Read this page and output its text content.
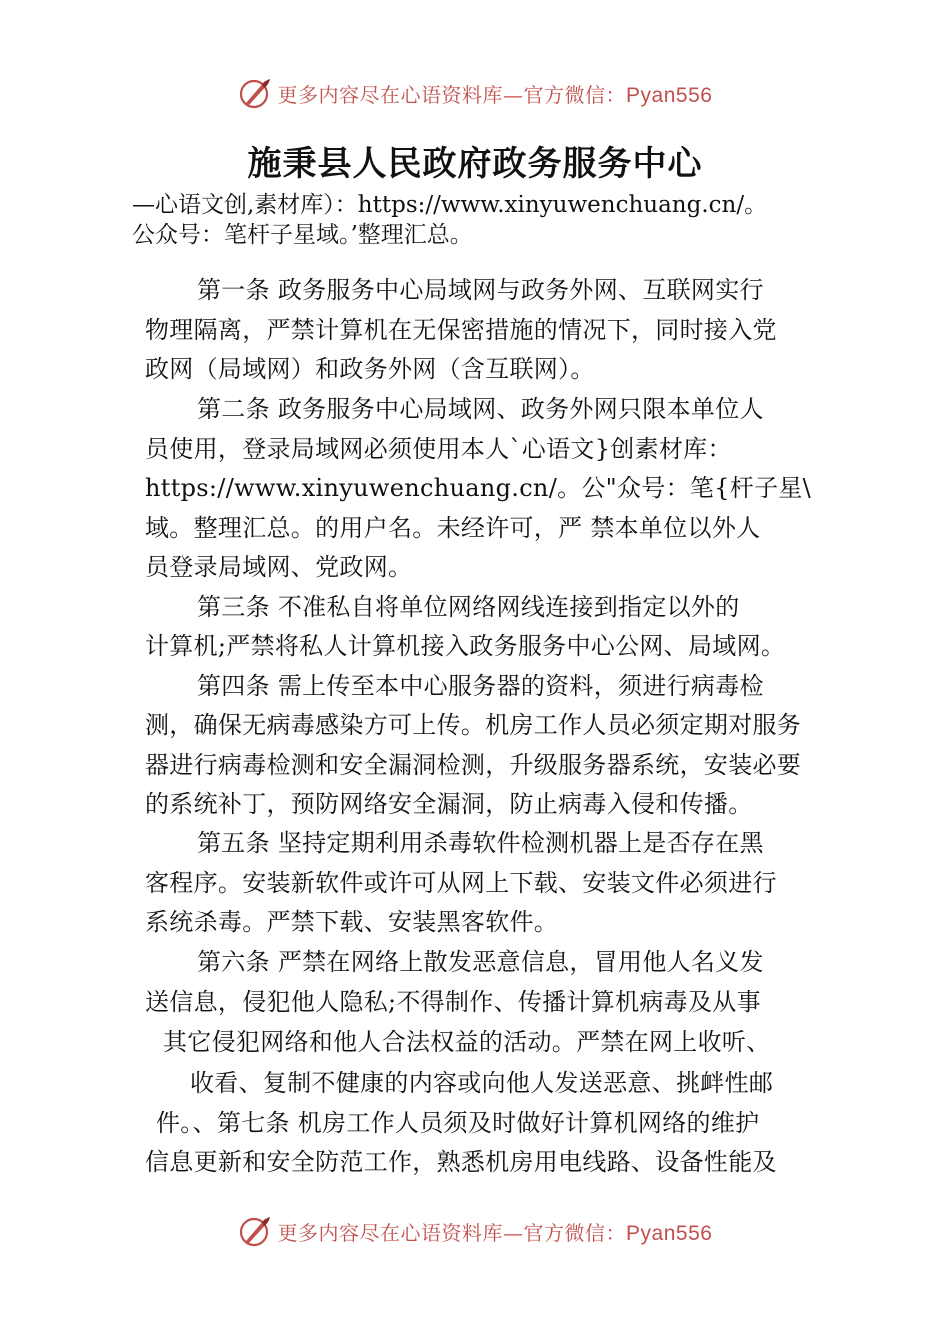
更多内容尽在心语资料库—官方微信：Pyan556
施秉县人民政府政务服务中心
—心语文创,素材库）：https://www.xinyuwenchuang.cn/。
公众号：笔杆子星域。’整理汇总。
第一条 政务服务中心局域网与政务外网、互联网实行
物理隔离，严禁计算机在无保密措施的情况下，同时接入党
政网（局域网）和政务外网（含互联网）。
第二条 政务服务中心局域网、政务外网只限本单位人
员使用，登录局域网必须使用本人`心语文}创素材库：
https://www.xinyuwenchuang.cn/。公"众号：笔{杆子星\
域。整理汇总。的用户名。未经许可，严 禁本单位以外人
员登录局域网、党政网。
第三条 不准私自将单位网络网线连接到指定以外的
计算机;严禁将私人计算机接入政务服务中心公网、局域网。
第四条 需上传至本中心服务器的资料，须进行病毒检
测，确保无病毒感染方可上传。机房工作人员必须定期对服务
器进行病毒检测和安全漏洞检测，升级服务器系统，安装必要
的系统补丁，预防网络安全漏洞，防止病毒入侵和传播。
第五条 坚持定期利用杀毒软件检测机器上是否存在黑
客程序。安装新软件或许可从网上下载、安装文件必须进行
系统杀毒。严禁下载、安装黑客软件。
第六条 严禁在网络上散发恶意信息，冒用他人名义发
送信息，侵犯他人隐私;不得制作、传播计算机病毒及从事
其它侵犯网络和他人合法权益的活动。严禁在网上收听、
收看、复制不健康的内容或向他人发送恶意、挑衅性邮
件。、第七条 机房工作人员须及时做好计算机网络的维护
信息更新和安全防范工作，熟悉机房用电线路、设备性能及
更多内容尽在心语资料库—官方微信：Pyan556
